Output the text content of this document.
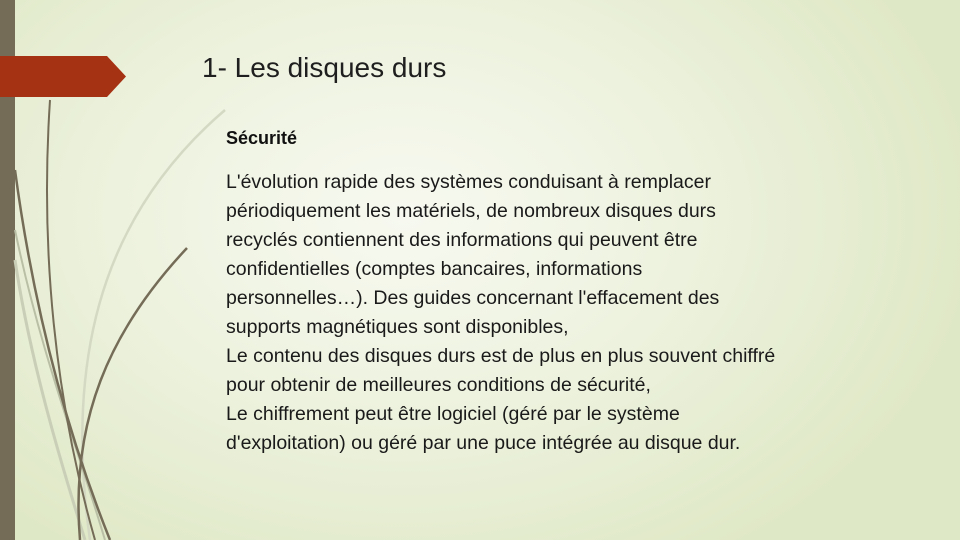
1- Les disques durs

Sécurité

L'évolution rapide des systèmes conduisant à remplacer
périodiquement les matériels, de nombreux disques durs
recyclés contiennent des informations qui peuvent être
confidentielles (comptes bancaires, informations
personnelles…). Des guides concernant l'effacement des
supports magnétiques sont disponibles,
Le contenu des disques durs est de plus en plus souvent chiffré
pour obtenir de meilleures conditions de sécurité,
Le chiffrement peut être logiciel (géré par le système
d'exploitation) ou géré par une puce intégrée au disque dur.
